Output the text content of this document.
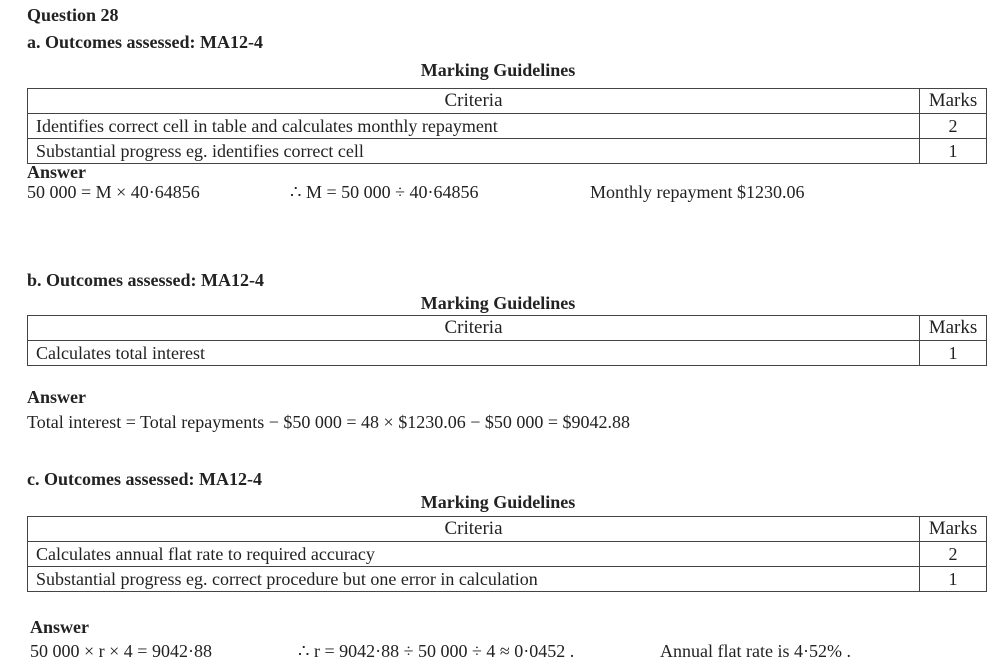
Question 28
a. Outcomes assessed: MA12-4
Marking Guidelines
Criteria	Marks
Identifies correct cell in table and calculates monthly repayment	2
Substantial progress eg. identifies correct cell	1
Answer
50 000 = M × 40·64856	∴ M = 50 000 ÷ 40·64856	Monthly repayment $1230.06
b. Outcomes assessed: MA12-4
Marking Guidelines
Criteria	Marks
Calculates total interest	1
Answer
Total interest = Total repayments − $50 000 = 48 × $1230.06 − $50 000 = $9042.88
c. Outcomes assessed: MA12-4
Marking Guidelines
Criteria	Marks
Calculates annual flat rate to required accuracy	2
Substantial progress eg. correct procedure but one error in calculation	1
Answer
50 000 × r × 4 = 9042·88	∴ r = 9042·88 ÷ 50 000 ÷ 4 ≈ 0·0452 .	Annual flat rate is 4·52% .
